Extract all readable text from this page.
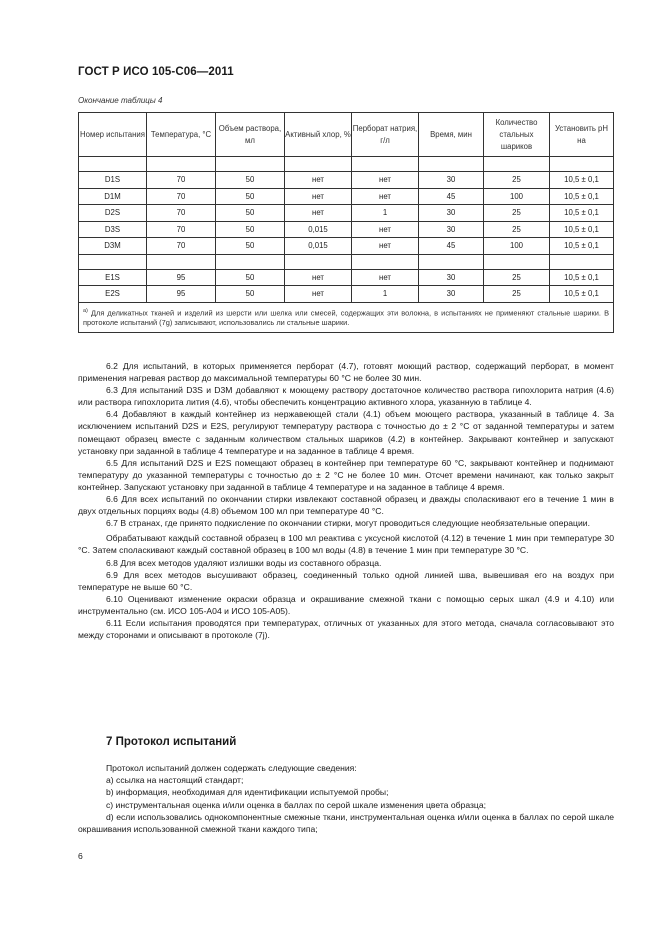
ГОСТ Р ИСО 105-C06—2011
Окончание таблицы 4
Номер испытания	Температура, °С	Объем раствора, мл	Активный хлор, %	Перборат натрия, г/л	Время, мин	Количество стальных шариков	Установить pH на

D1S	70	50	нет	нет	30	25	10,5 ± 0,1
D1M	70	50	нет	нет	45	100	10,5 ± 0,1
D2S	70	50	нет	1	30	25	10,5 ± 0,1
D3S	70	50	0,015	нет	30	25	10,5 ± 0,1
D3M	70	50	0,015	нет	45	100	10,5 ± 0,1

E1S	95	50	нет	нет	30	25	10,5 ± 0,1
E2S	95	50	нет	1	30	25	10,5 ± 0,1
$^{а)}$ Для деликатных тканей и изделий из шерсти или шелка или смесей, содержащих эти волокна, в испытаниях не применяют стальные шарики. В протоколе испытаний (7g) записывают, использовались ли стальные шарики.							

6.2 Для испытаний, в которых применяется перборат (4.7), готовят моющий раствор, содержащий перборат, в момент применения нагревая раствор до максимальной температуры 60 °С не более 30 мин.

6.3 Для испытаний D3S и D3M добавляют к моющему раствору достаточное количество раствора гипохлорита натрия (4.6) или раствора гипохлорита лития (4.6), чтобы обеспечить концентрацию активного хлора, указанную в таблице 4.

6.4 Добавляют в каждый контейнер из нержавеющей стали (4.1) объем моющего раствора, указанный в таблице 4. За исключением испытаний D2S и E2S, регулируют температуру раствора с точностью до ± 2 °С от заданной температуры и затем помещают образец вместе с заданным количеством стальных шариков (4.2) в контейнер. Закрывают контейнер и запускают установку при заданной в таблице 4 температуре и на заданное в таблице 4 время.

6.5 Для испытаний D2S и E2S помещают образец в контейнер при температуре 60 °С, закрывают контейнер и поднимают температуру до указанной температуры с точностью до ± 2 °С не более 10 мин. Отсчет времени начинают, как только закрыт контейнер. Запускают установку при заданной в таблице 4 температуре и на заданное в таблице 4 время.

6.6 Для всех испытаний по окончании стирки извлекают составной образец и дважды споласкивают его в течение 1 мин в двух отдельных порциях воды (4.8) объемом 100 мл при температуре 40 °С.

6.7 В странах, где принято подкисление по окончании стирки, могут проводиться следующие необязательные операции.

Обрабатывают каждый составной образец в 100 мл реактива с уксусной кислотой (4.12) в течение 1 мин при температуре 30 °С. Затем споласкивают каждый составной образец в 100 мл воды (4.8) в течение 1 мин при температуре 30 °С.

6.8 Для всех методов удаляют излишки воды из составного образца.

6.9 Для всех методов высушивают образец, соединенный только одной линией шва, вывешивая его на воздух при температуре не выше 60 °С.

6.10 Оценивают изменение окраски образца и окрашивание смежной ткани с помощью серых шкал (4.9 и 4.10) или инструментально (см. ИСО 105-А04 и ИСО 105-А05).

6.11 Если испытания проводятся при температурах, отличных от указанных для этого метода, сначала согласовывают это между сторонами и описывают в протоколе (7j).

7 Протокол испытаний

Протокол испытаний должен содержать следующие сведения:

a) ссылка на настоящий стандарт;

b) информация, необходимая для идентификации испытуемой пробы;

c) инструментальная оценка и/или оценка в баллах по серой шкале изменения цвета образца;

d) если использовались однокомпонентные смежные ткани, инструментальная оценка и/или оценка в баллах по серой шкале окрашивания использованной смежной ткани каждого типа;

6
